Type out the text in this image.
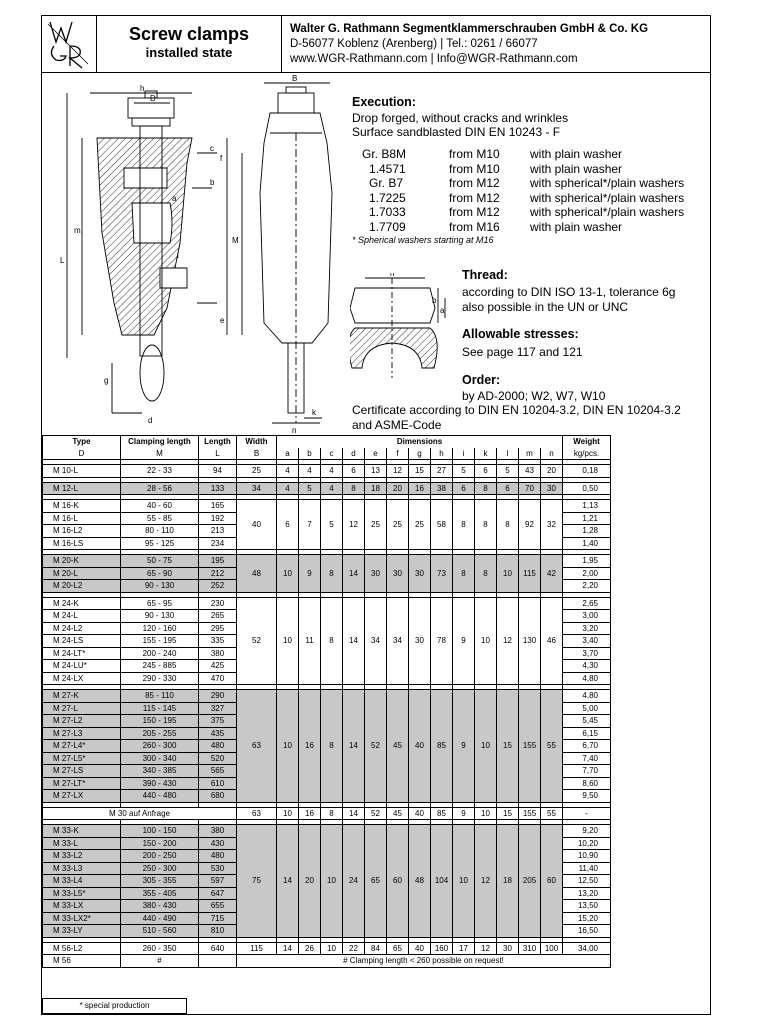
Screw clamps
installed state
Walter G. Rathmann Segmentklammerschrauben GmbH & Co. KG
D-56077 Koblenz (Arenberg) | Tel.: 0261 / 66077
www.WGR-Rathmann.com | Info@WGR-Rathmann.com
h
D
B
c
f
b
a
m
L
M
l
e
g
d
k
n
Execution:
Drop forged, without cracks and wrinkles
Surface sandblasted DIN EN 10243 - F
Gr. B8M	from M10	with plain washer
1.4571	from M10	with plain washer
Gr. B7	from M12	with spherical*/plain washers
1.7225	from M12	with spherical*/plain washers
1.7033	from M12	with spherical*/plain washers
1.7709	from M16	with plain washer
* Spherical washers starting at M16
n
a
b
Thread:
according to DIN ISO 13-1, tolerance 6g
also possible in the UN or UNC
Allowable stresses:
See page 117 and 121
Order:
by AD-2000; W2, W7, W10
Certificate according to DIN EN 10204-3.2, DIN EN 10204-3.2
and ASME-Code
Type	Clamping length	Length	Width	Dimensions													Weight
D	M	L	B	a	b	c	d	e	f	g	h	i	k	l	m	n	kg/pcs.

M 10-L	22 - 33	94	25	4	4	4	6	13	12	15	27	5	6	5	43	20	0,18

M 12-L	28 - 56	133	34	4	5	4	8	18	20	16	38	6	8	6	70	30	0,50

M 16-K	40 - 60	165	40	6	7	5	12	25	25	25	58	8	8	8	92	32	1,13
M 16-L	55 - 85	192															1,21
M 16-L2	80 - 110	213															1,28
M 16-LS	95 - 125	234															1,40

M 20-K	50 - 75	195	48	10	9	8	14	30	30	30	73	8	8	10	115	42	1,95
M 20-L	65 - 90	212															2,00
M 20-L2	90 - 130	252															2,20

M 24-K	65 - 95	230	52	10	11	8	14	34	34	30	78	9	10	12	130	46	2,65
M 24-L	90 - 130	265															3,00
M 24-L2	120 - 160	295															3,20
M 24-LS	155 - 195	335															3,40
M 24-LT*	200 - 240	380															3,70
M 24-LU*	245 - 885	425															4,30
M 24-LX	290 - 330	470															4,80

M 27-K	85 - 110	290	63	10	16	8	14	52	45	40	85	9	10	15	155	55	4,80
M 27-L	115 - 145	327															5,00
M 27-L2	150 - 195	375															5,45
M 27-L3	205 - 255	435															6,15
M 27-L4*	260 - 300	480															6,70
M 27-L5*	300 - 340	520															7,40
M 27-LS	340 - 385	565															7,70
M 27-LT*	390 - 430	610															8,60
M 27-LX	440 - 480	680															9,50

M 30 auf Anfrage			63	10	16	8	14	52	45	40	85	9	10	15	155	55	-

M 33-K	100 - 150	380	75	14	20	10	24	65	60	48	104	10	12	18	205	60	9,20
M 33-L	150 - 200	430															10,20
M 33-L2	200 - 250	480															10,90
M 33-L3	250 - 300	530															11,40
M 33-L4	305 - 355	597															12,50
M 33-L5*	355 - 405	647															13,20
M 33-LX	380 - 430	655															13,50
M 33-LX2*	440 - 490	715															15,20
M 33-LY	510 - 560	810															16,50

M 56-L2	260 - 350	640	115	14	26	10	22	84	65	40	160	17	12	30	310	100	34,00
M 56	#		# Clamping length < 260 possible on request!														
* special production
